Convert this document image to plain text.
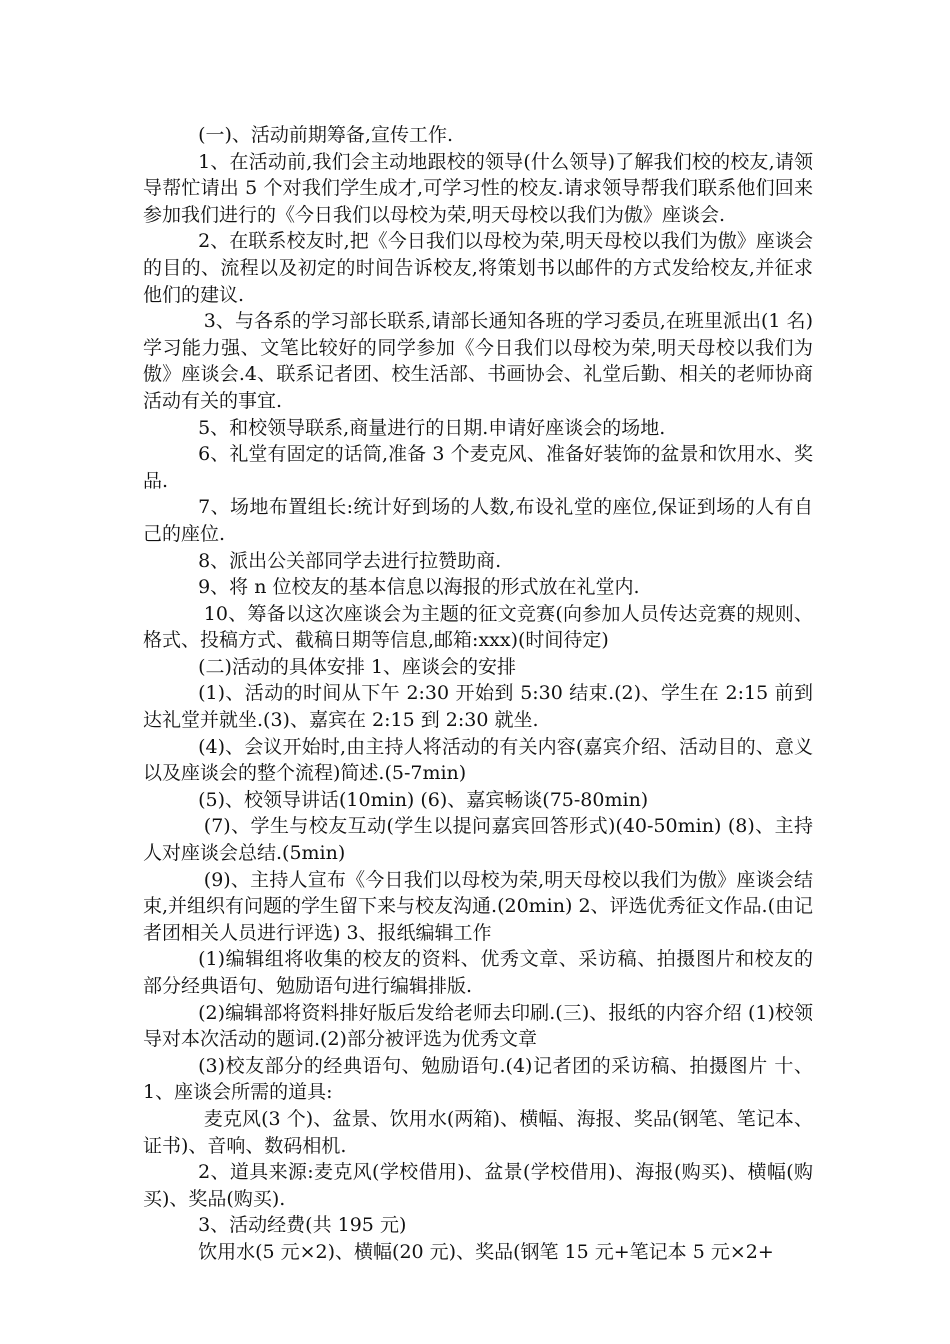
(一)、活动前期筹备,宣传工作.

1、在活动前,我们会主动地跟校的领导(什么领导)了解我们校的校友,请领导帮忙请出 5 个对我们学生成才,可学习性的校友.请求领导帮我们联系他们回来参加我们进行的《今日我们以母校为荣,明天母校以我们为傲》座谈会.

2、在联系校友时,把《今日我们以母校为荣,明天母校以我们为傲》座谈会的目的、流程以及初定的时间告诉校友,将策划书以邮件的方式发给校友,并征求他们的建议.

3、与各系的学习部长联系,请部长通知各班的学习委员,在班里派出(1 名)学习能力强、文笔比较好的同学参加《今日我们以母校为荣,明天母校以我们为傲》座谈会.4、联系记者团、校生活部、书画协会、礼堂后勤、相关的老师协商活动有关的事宜.

5、和校领导联系,商量进行的日期.申请好座谈会的场地.

6、礼堂有固定的话筒,准备 3 个麦克风、准备好装饰的盆景和饮用水、奖品.

7、场地布置组长:统计好到场的人数,布设礼堂的座位,保证到场的人有自己的座位.

8、派出公关部同学去进行拉赞助商.

9、将 n 位校友的基本信息以海报的形式放在礼堂内.

10、筹备以这次座谈会为主题的征文竞赛(向参加人员传达竞赛的规则、格式、投稿方式、截稿日期等信息,邮箱:xxx)(时间待定)

(二)活动的具体安排 1、座谈会的安排

(1)、活动的时间从下午 2:30 开始到 5:30 结束.(2)、学生在 2:15 前到达礼堂并就坐.(3)、嘉宾在 2:15 到 2:30 就坐.

(4)、会议开始时,由主持人将活动的有关内容(嘉宾介绍、活动目的、意义以及座谈会的整个流程)简述.(5-7min)

(5)、校领导讲话(10min) (6)、嘉宾畅谈(75-80min)

(7)、学生与校友互动(学生以提问嘉宾回答形式)(40-50min) (8)、主持人对座谈会总结.(5min)

(9)、主持人宣布《今日我们以母校为荣,明天母校以我们为傲》座谈会结束,并组织有问题的学生留下来与校友沟通.(20min) 2、评选优秀征文作品.(由记者团相关人员进行评选) 3、报纸编辑工作

(1)编辑组将收集的校友的资料、优秀文章、采访稿、拍摄图片和校友的部分经典语句、勉励语句进行编辑排版.

(2)编辑部将资料排好版后发给老师去印刷.(三)、报纸的内容介绍 (1)校领导对本次活动的题词.(2)部分被评选为优秀文章

(3)校友部分的经典语句、勉励语句.(4)记者团的采访稿、拍摄图片 十、1、座谈会所需的道具:

麦克风(3 个)、盆景、饮用水(两箱)、横幅、海报、奖品(钢笔、笔记本、证书)、音响、数码相机.

2、道具来源:麦克风(学校借用)、盆景(学校借用)、海报(购买)、横幅(购买)、奖品(购买).

3、活动经费(共 195 元)

饮用水(5 元×2)、横幅(20 元)、奖品(钢笔 15 元+笔记本 5 元×2+
